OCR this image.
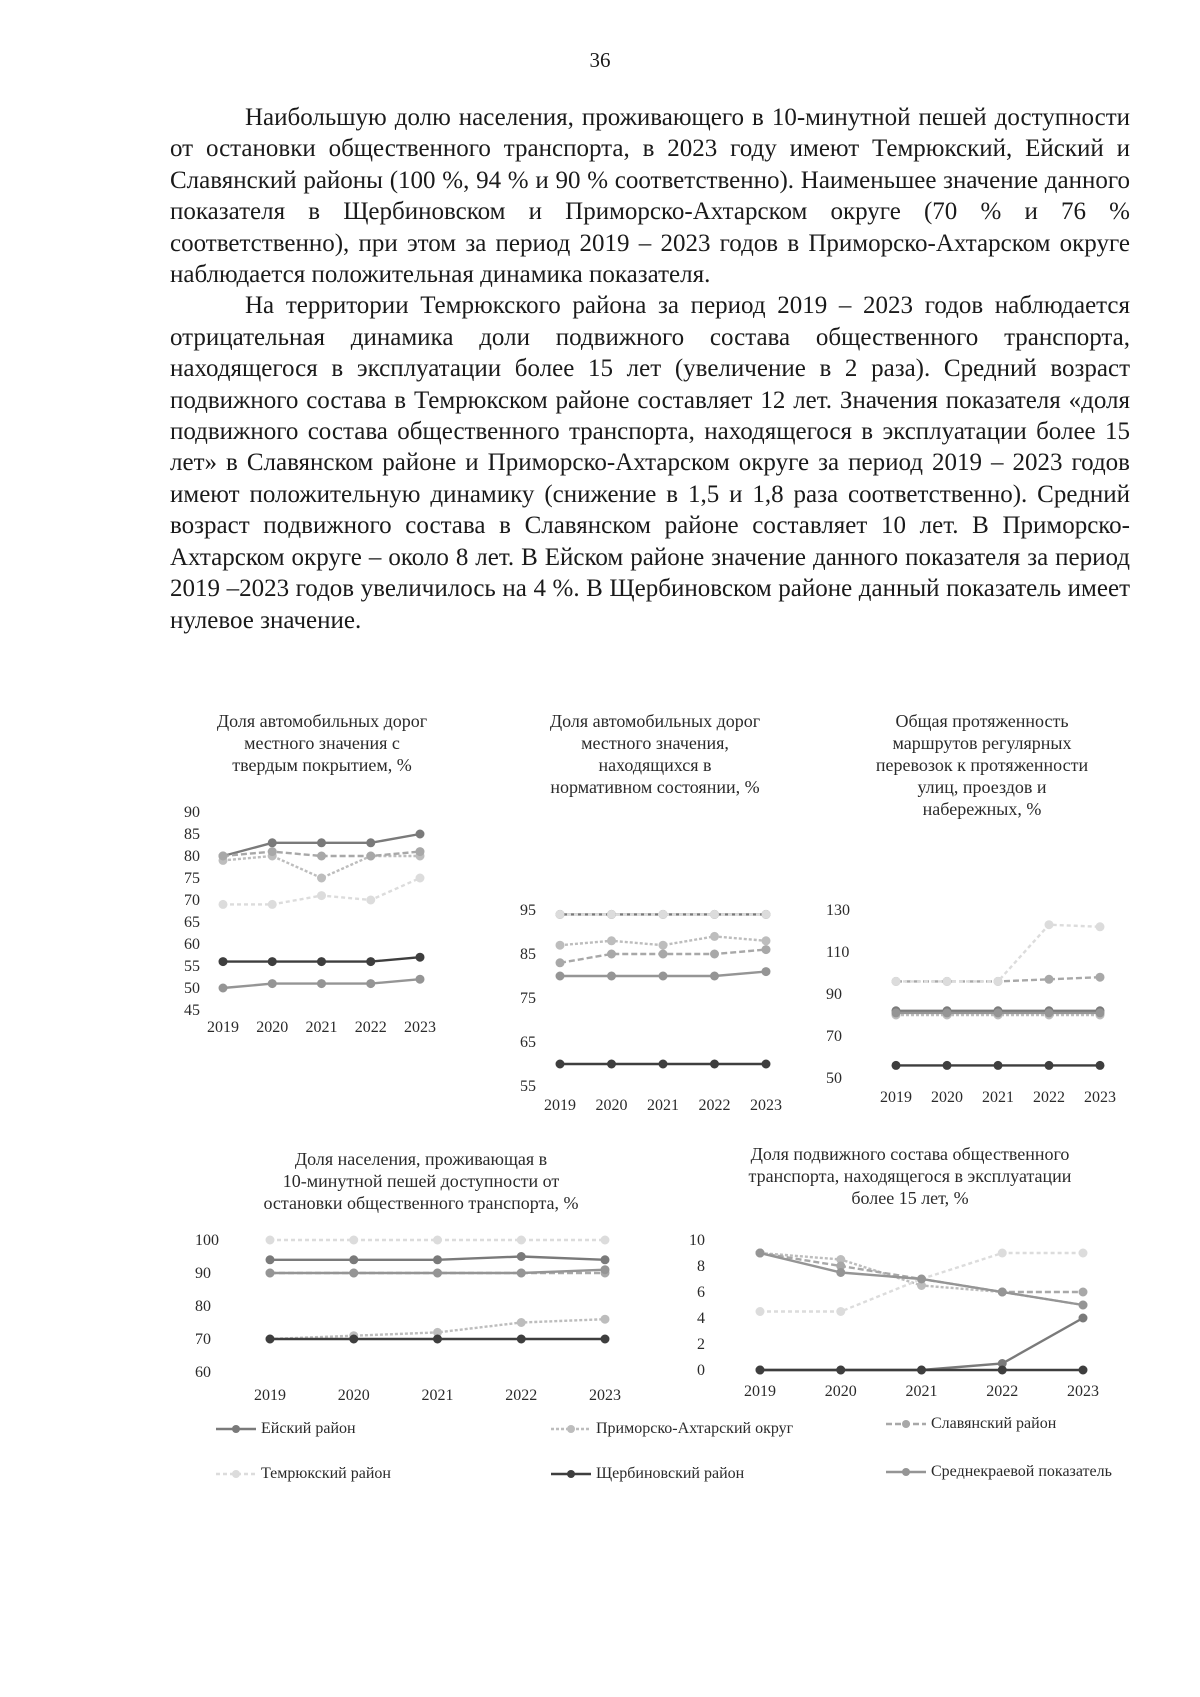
36

Наибольшую долю населения, проживающего в 10-минутной пешей доступности от остановки общественного транспорта, в 2023 году имеют Темрюкский, Ейский и Славянский районы (100 %, 94 % и 90 % соответственно). Наименьшее значение данного показателя в Щербиновском и Приморско-Ахтарском округе (70 % и 76 % соответственно), при этом за период 2019 – 2023 годов в Приморско-Ахтарском округе наблюдается положительная динамика показателя.

На территории Темрюкского района за период 2019 – 2023 годов наблюдается отрицательная динамика доли подвижного состава общественного транспорта, находящегося в эксплуатации более 15 лет (увеличение в 2 раза). Средний возраст подвижного состава в Темрюкском районе составляет 12 лет. Значения показателя «доля подвижного состава общественного транспорта, находящегося в эксплуатации более 15 лет» в Славянском районе и Приморско-Ахтарском округе за период 2019 – 2023 годов имеют положительную динамику (снижение в 1,5 и 1,8 раза соответственно). Средний возраст подвижного состава в Славянском районе составляет 10 лет. В Приморско-Ахтарском округе – около 8 лет. В Ейском районе значение данного показателя за период 2019 –2023 годов увеличилось на 4 %. В Щербиновском районе данный показатель имеет нулевое значение.

Доля автомобильных дорог
местного значения с
твердым покрытием, %
90
85
80
75
70
65
60
55
50
45
2019 2020 2021 2022 2023
Доля автомобильных дорог
местного значения,
находящихся в
нормативном состоянии, %
95
85
75
65
55
2019 2020 2021 2022 2023
Общая протяженность
маршрутов регулярных
перевозок к протяженности
улиц, проездов и
набережных, %
130
110
90
70
50
2019 2020 2021 2022 2023
Доля населения, проживающая в
10-минутной пешей доступности от
остановки общественного транспорта, %
100
90
80
70
60
2019	2020	2021	2022	2023
Доля подвижного состава общественного
транспорта, находящегося в эксплуатации
более 15 лет, %
10
8
6
4
2
0
2019	2020	2021	2022	2023
Ейский район	Приморско-Ахтарский округ	Славянский район
Темрюкский район	Щербиновский район	Среднекраевой показатель
